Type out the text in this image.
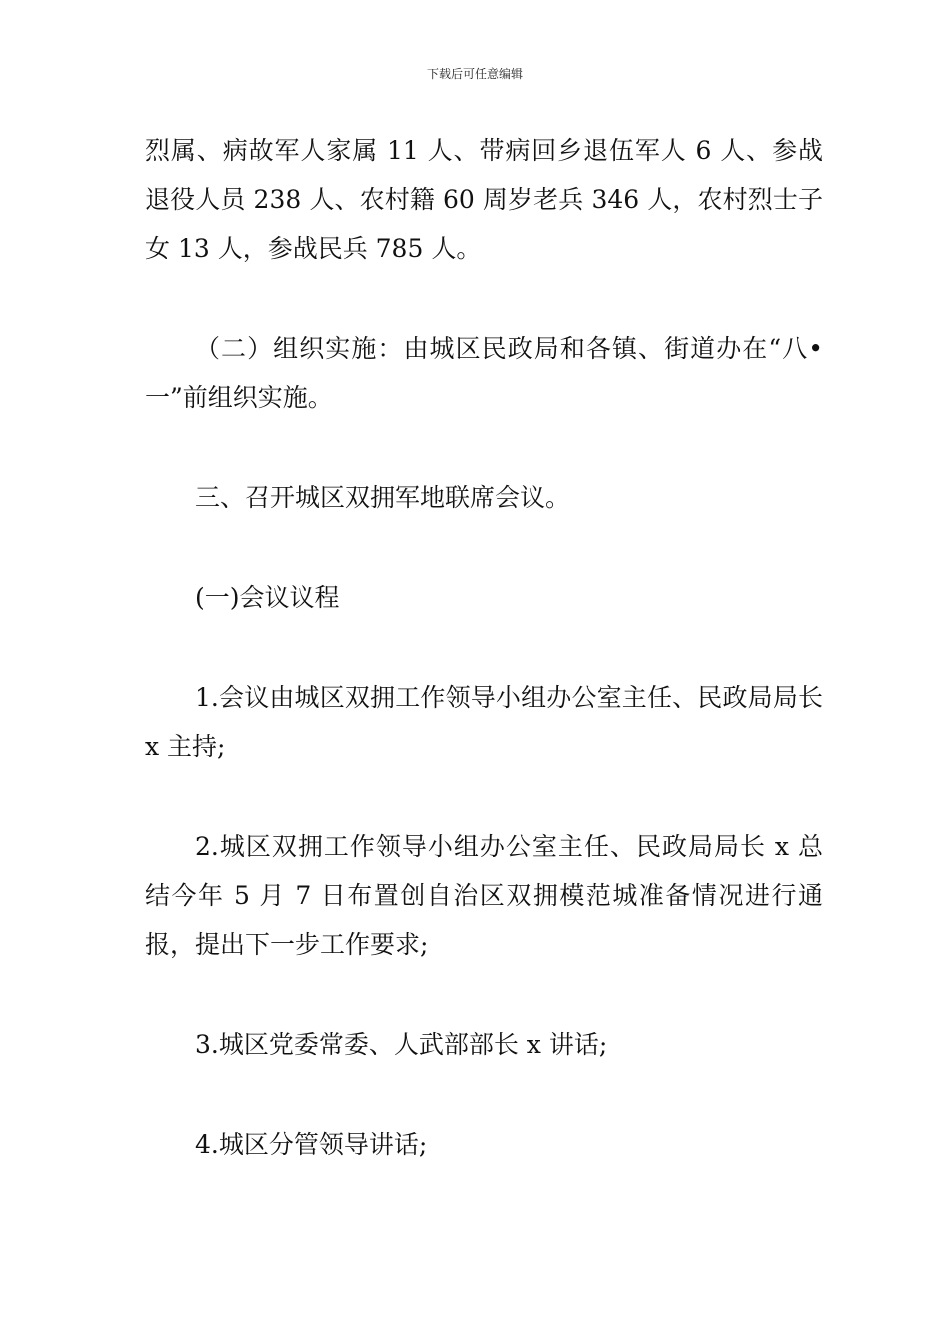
下载后可任意编辑

烈属、病故军人家属 11 人、带病回乡退伍军人 6 人、参战退役人员 238 人、农村籍 60 周岁老兵 346 人，农村烈士子女 13 人，参战民兵 785 人。

（二）组织实施：由城区民政局和各镇、街道办在“八•一”前组织实施。

三、召开城区双拥军地联席会议。

(一)会议议程

1.会议由城区双拥工作领导小组办公室主任、民政局局长 x 主持;

2.城区双拥工作领导小组办公室主任、民政局局长 x 总结今年 5 月 7 日布置创自治区双拥模范城准备情况进行通报，提出下一步工作要求;

3.城区党委常委、人武部部长 x 讲话;

4.城区分管领导讲话;
